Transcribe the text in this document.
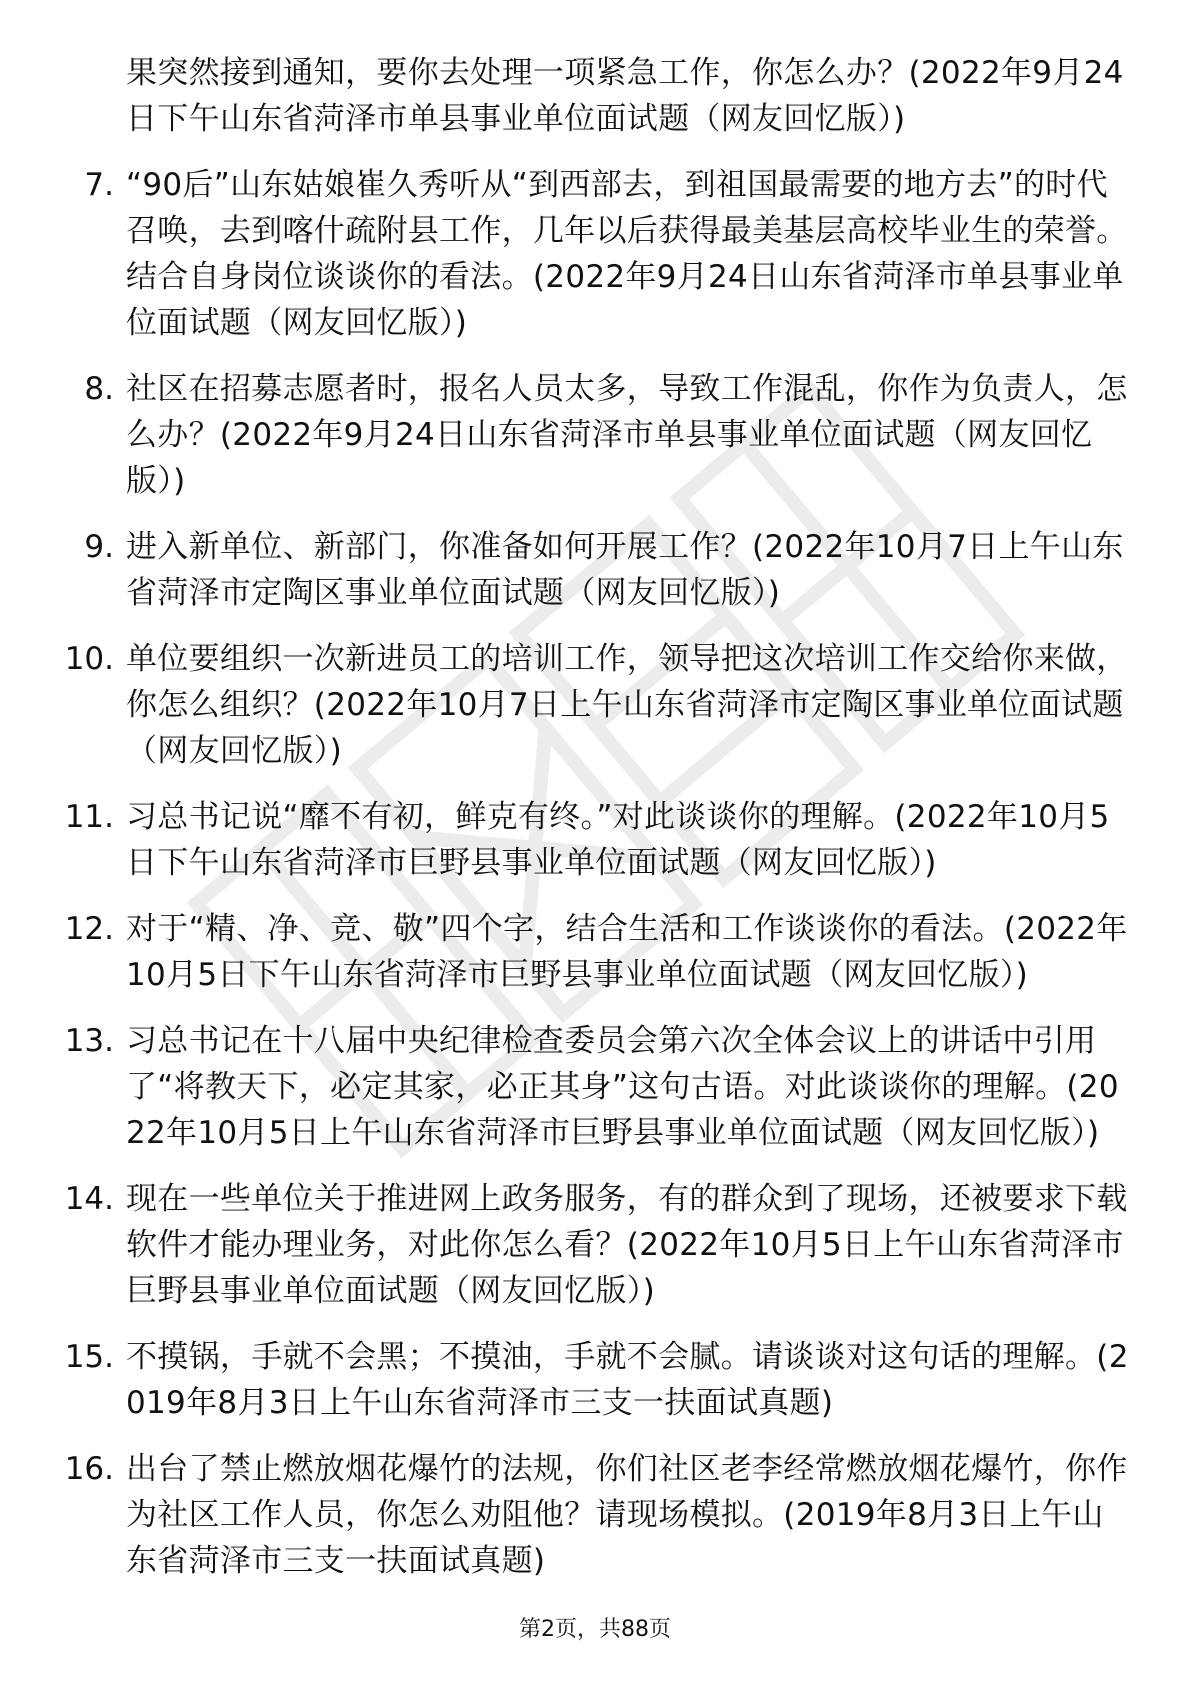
果突然接到通知，要你去处理一项紧急工作，你怎么办？(2022年9月24日下午山东省菏泽市单县事业单位面试题（网友回忆版）)
7. “90后”山东姑娘崔久秀听从“到西部去，到祖国最需要的地方去”的时代召唤，去到喀什疏附县工作，几年以后获得最美基层高校毕业生的荣誉。结合自身岗位谈谈你的看法。(2022年9月24日山东省菏泽市单县事业单位面试题（网友回忆版）)
8. 社区在招募志愿者时，报名人员太多，导致工作混乱，你作为负责人，怎么办？(2022年9月24日山东省菏泽市单县事业单位面试题（网友回忆版）)
9. 进入新单位、新部门，你准备如何开展工作？(2022年10月7日上午山东省菏泽市定陶区事业单位面试题（网友回忆版）)
10. 单位要组织一次新进员工的培训工作，领导把这次培训工作交给你来做，你怎么组织？(2022年10月7日上午山东省菏泽市定陶区事业单位面试题（网友回忆版）)
11. 习总书记说“靡不有初，鲜克有终。”对此谈谈你的理解。(2022年10月5日下午山东省菏泽市巨野县事业单位面试题（网友回忆版）)
12. 对于“精、净、竞、敬”四个字，结合生活和工作谈谈你的看法。(2022年10月5日下午山东省菏泽市巨野县事业单位面试题（网友回忆版）)
13. 习总书记在十八届中央纪律检查委员会第六次全体会议上的讲话中引用了“将教天下，必定其家，必正其身”这句古语。对此谈谈你的理解。(2022年10月5日上午山东省菏泽市巨野县事业单位面试题（网友回忆版）)
14. 现在一些单位关于推进网上政务服务，有的群众到了现场，还被要求下载软件才能办理业务，对此你怎么看？(2022年10月5日上午山东省菏泽市巨野县事业单位面试题（网友回忆版）)
15. 不摸锅，手就不会黑；不摸油，手就不会腻。请谈谈对这句话的理解。(2019年8月3日上午山东省菏泽市三支一扶面试真题)
16. 出台了禁止燃放烟花爆竹的法规，你们社区老李经常燃放烟花爆竹，你作为社区工作人员，你怎么劝阻他？请现场模拟。(2019年8月3日上午山东省菏泽市三支一扶面试真题)
第2页，共88页
